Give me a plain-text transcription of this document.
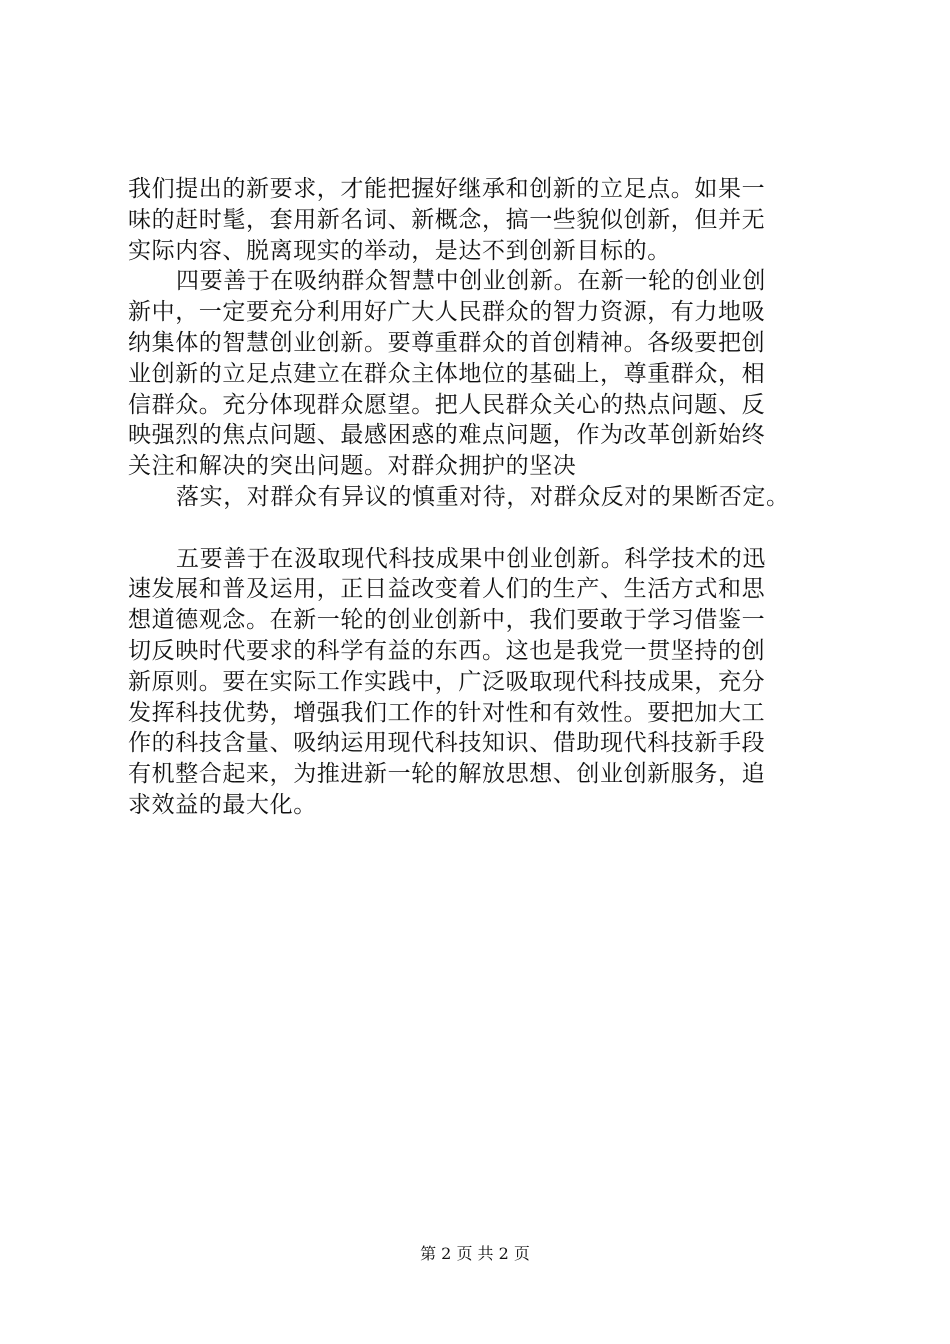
我们提出的新要求，才能把握好继承和创新的立足点。如果一
味的赶时髦，套用新名词、新概念，搞一些貌似创新，但并无
实际内容、脱离现实的举动，是达不到创新目标的。
四要善于在吸纳群众智慧中创业创新。在新一轮的创业创
新中，一定要充分利用好广大人民群众的智力资源，有力地吸
纳集体的智慧创业创新。要尊重群众的首创精神。各级要把创
业创新的立足点建立在群众主体地位的基础上，尊重群众，相
信群众。充分体现群众愿望。把人民群众关心的热点问题、反
映强烈的焦点问题、最感困惑的难点问题，作为改革创新始终
关注和解决的突出问题。对群众拥护的坚决
落实，对群众有异议的慎重对待，对群众反对的果断否定。
五要善于在汲取现代科技成果中创业创新。科学技术的迅
速发展和普及运用，正日益改变着人们的生产、生活方式和思
想道德观念。在新一轮的创业创新中，我们要敢于学习借鉴一
切反映时代要求的科学有益的东西。这也是我党一贯坚持的创
新原则。要在实际工作实践中，广泛吸取现代科技成果，充分
发挥科技优势，增强我们工作的针对性和有效性。要把加大工
作的科技含量、吸纳运用现代科技知识、借助现代科技新手段
有机整合起来，为推进新一轮的解放思想、创业创新服务，追
求效益的最大化。
第 2 页 共 2 页
